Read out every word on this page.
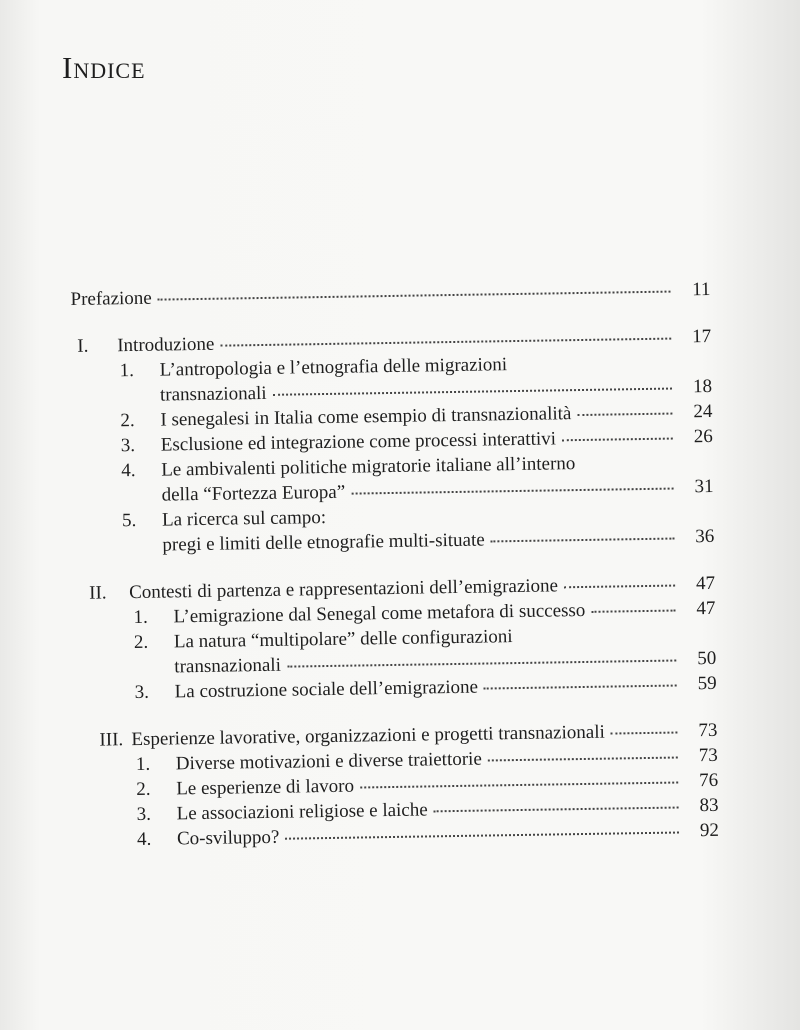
Indice
Prefazione	11
I.	Introduzione	17
1.	L’antropologia e l’etnografia delle migrazioni
transnazionali	18
2.	I senegalesi in Italia come esempio di transnazionalità	24
3.	Esclusione ed integrazione come processi interattivi	26
4.	Le ambivalenti politiche migratorie italiane all’interno
della “Fortezza Europa”	31
5.	La ricerca sul campo:
pregi e limiti delle etnografie multi-situate	36
II.	Contesti di partenza e rappresentazioni dell’emigrazione	47
1.	L’emigrazione dal Senegal come metafora di successo	47
2.	La natura “multipolare” delle configurazioni
transnazionali	50
3.	La costruzione sociale dell’emigrazione	59
III. Esperienze lavorative, organizzazioni e progetti transnazionali	73
1.	Diverse motivazioni e diverse traiettorie	73
2.	Le esperienze di lavoro	76
3.	Le associazioni religiose e laiche	83
4.	Co-sviluppo?	92
